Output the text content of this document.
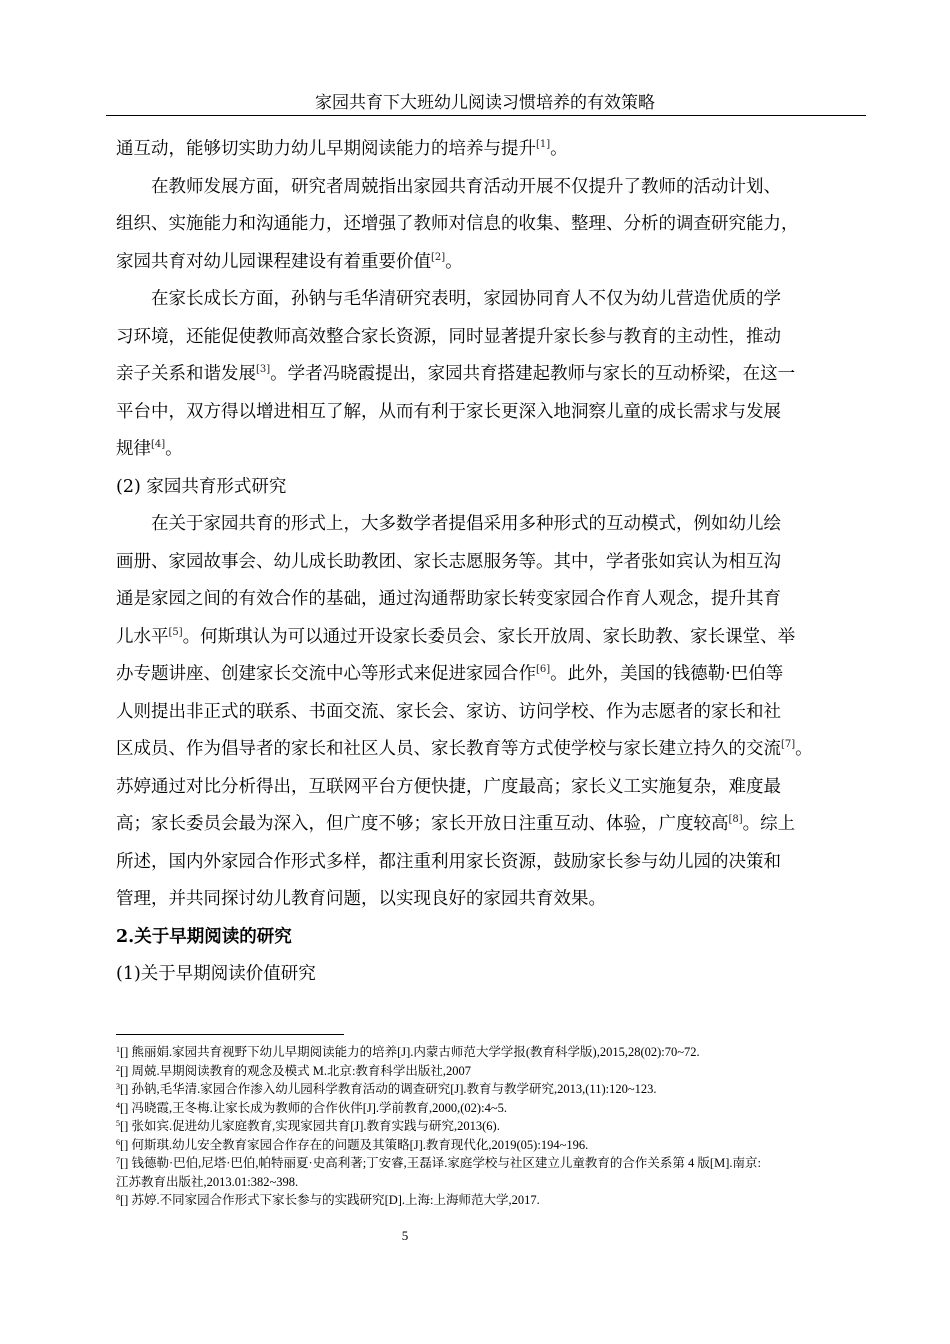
家园共育下大班幼儿阅读习惯培养的有效策略

通互动，能够切实助力幼儿早期阅读能力的培养与提升[1]。

在教师发展方面，研究者周兢指出家园共育活动开展不仅提升了教师的活动计划、

组织、实施能力和沟通能力，还增强了教师对信息的收集、整理、分析的调查研究能力，

家园共育对幼儿园课程建设有着重要价值[2]。

在家长成长方面，孙钠与毛华清研究表明，家园协同育人不仅为幼儿营造优质的学

习环境，还能促使教师高效整合家长资源，同时显著提升家长参与教育的主动性，推动

亲子关系和谐发展[3]。学者冯晓霞提出，家园共育搭建起教师与家长的互动桥梁，在这一

平台中，双方得以增进相互了解，从而有利于家长更深入地洞察儿童的成长需求与发展

规律[4]。

(2) 家园共育形式研究

在关于家园共育的形式上，大多数学者提倡采用多种形式的互动模式，例如幼儿绘

画册、家园故事会、幼儿成长助教团、家长志愿服务等。其中，学者张如宾认为相互沟

通是家园之间的有效合作的基础，通过沟通帮助家长转变家园合作育人观念，提升其育

儿水平[5]。何斯琪认为可以通过开设家长委员会、家长开放周、家长助教、家长课堂、举

办专题讲座、创建家长交流中心等形式来促进家园合作[6]。此外，美国的钱德勒·巴伯等

人则提出非正式的联系、书面交流、家长会、家访、访问学校、作为志愿者的家长和社

区成员、作为倡导者的家长和社区人员、家长教育等方式使学校与家长建立持久的交流[7]。

苏婷通过对比分析得出，互联网平台方便快捷，广度最高；家长义工实施复杂，难度最

高；家长委员会最为深入，但广度不够；家长开放日注重互动、体验，广度较高[8]。综上

所述，国内外家园合作形式多样，都注重利用家长资源，鼓励家长参与幼儿园的决策和

管理，并共同探讨幼儿教育问题，以实现良好的家园共育效果。

2.关于早期阅读的研究

(1)关于早期阅读价值研究

$^1$[] 熊丽娟.家园共育视野下幼儿早期阅读能力的培养[J].内蒙古师范大学学报(教育科学版),2015,28(02):70~72.

$^2$[] 周兢.早期阅读教育的观念及模式 M.北京:教育科学出版社,2007

$^3$[] 孙钠,毛华清.家园合作渗入幼儿园科学教育活动的调查研究[J].教育与教学研究,2013,(11):120~123.

$^4$[] 冯晓霞,王冬梅.让家长成为教师的合作伙伴[J].学前教育,2000,(02):4~5.

$^5$[] 张如宾.促进幼儿家庭教育,实现家园共育[J].教育实践与研究,2013(6).

$^6$[] 何斯琪.幼儿安全教育家园合作存在的问题及其策略[J].教育现代化,2019(05):194~196.

$^7$[] 钱德勒·巴伯,尼塔·巴伯,帕特丽夏·史高利著;丁安睿,王磊译.家庭学校与社区建立儿童教育的合作关系第 4 版[M].南京:

江苏教育出版社,2013.01:382~398.

$^8$[] 苏婷.不同家园合作形式下家长参与的实践研究[D].上海:上海师范大学,2017.

5
